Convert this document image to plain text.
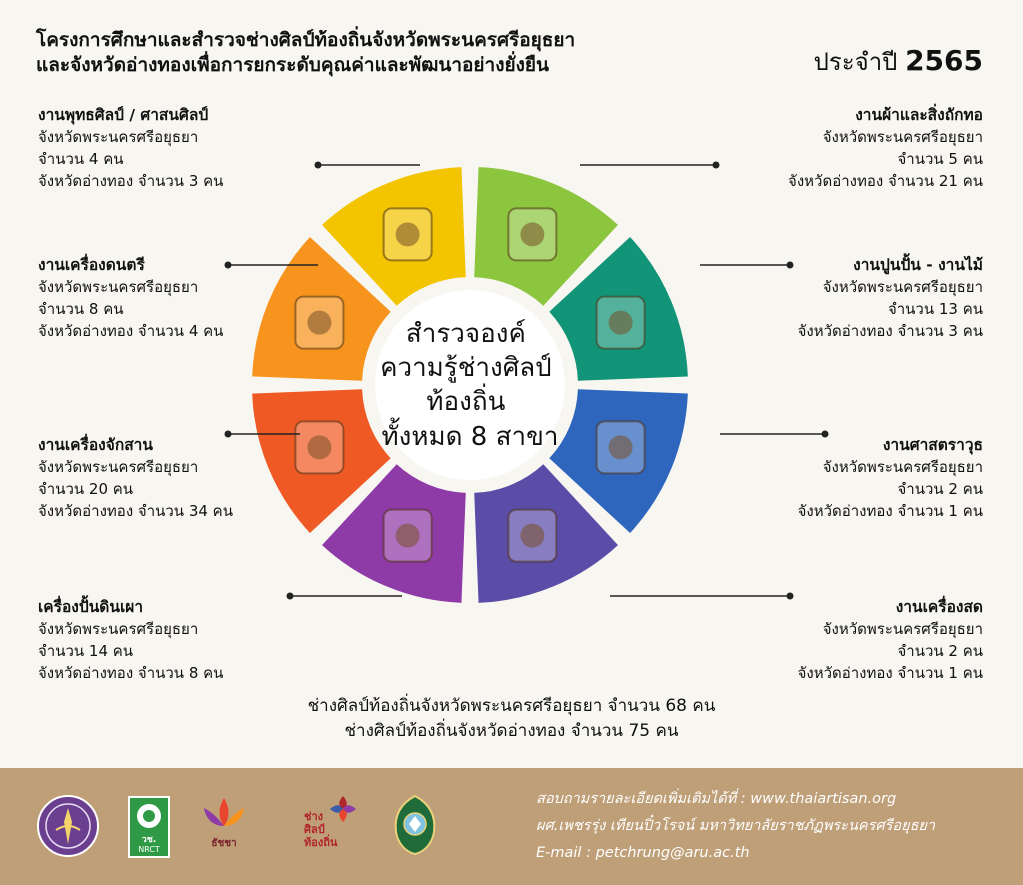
โครงการศึกษาและสำรวจช่างศิลป์ท้องถิ่นจังหวัดพระนครศรีอยุธยา
และจังหวัดอ่างทองเพื่อการยกระดับคุณค่าและพัฒนาอย่างยั่งยืน	ประจำปี 2565
สำรวจองค์ ความรู้ช่างศิลป์ ท้องถิ่น ทั้งหมด 8 สาขา
งานพุทธศิลป์ / ศาสนศิลป์
จังหวัดพระนครศรีอยุธยา
จำนวน 4 คน
จังหวัดอ่างทอง จำนวน 3 คน
งานผ้าและสิ่งถักทอ
จังหวัดพระนครศรีอยุธยา
จำนวน 5 คน
จังหวัดอ่างทอง จำนวน 21 คน
งานเครื่องดนตรี
จังหวัดพระนครศรีอยุธยา
จำนวน 8 คน
จังหวัดอ่างทอง จำนวน 4 คน
งานปูนปั้น - งานไม้
จังหวัดพระนครศรีอยุธยา
จำนวน 13 คน
จังหวัดอ่างทอง จำนวน 3 คน
งานเครื่องจักสาน
จังหวัดพระนครศรีอยุธยา
จำนวน 20 คน
จังหวัดอ่างทอง จำนวน 34 คน
งานศาสตราวุธ
จังหวัดพระนครศรีอยุธยา
จำนวน 2 คน
จังหวัดอ่างทอง จำนวน 1 คน
เครื่องปั้นดินเผา
จังหวัดพระนครศรีอยุธยา
จำนวน 14 คน
จังหวัดอ่างทอง จำนวน 8 คน
งานเครื่องสด
จังหวัดพระนครศรีอยุธยา
จำนวน 2 คน
จังหวัดอ่างทอง จำนวน 1 คน
ช่างศิลป์ท้องถิ่นจังหวัดพระนครศรีอยุธยา จำนวน 68 คน
ช่างศิลป์ท้องถิ่นจังหวัดอ่างทอง จำนวน 75 คน
วช.
NRCT
ธัชชา
ช่าง
ศิลป์
ท้องถิ่น
สอบถามรายละเอียดเพิ่มเติมได้ที่ : www.thaiartisan.org
ผศ.เพชรรุ่ง เทียนปิ๋วโรจน์ มหาวิทยาลัยราชภัฏพระนครศรีอยุธยา
E-mail : petchrung@aru.ac.th
